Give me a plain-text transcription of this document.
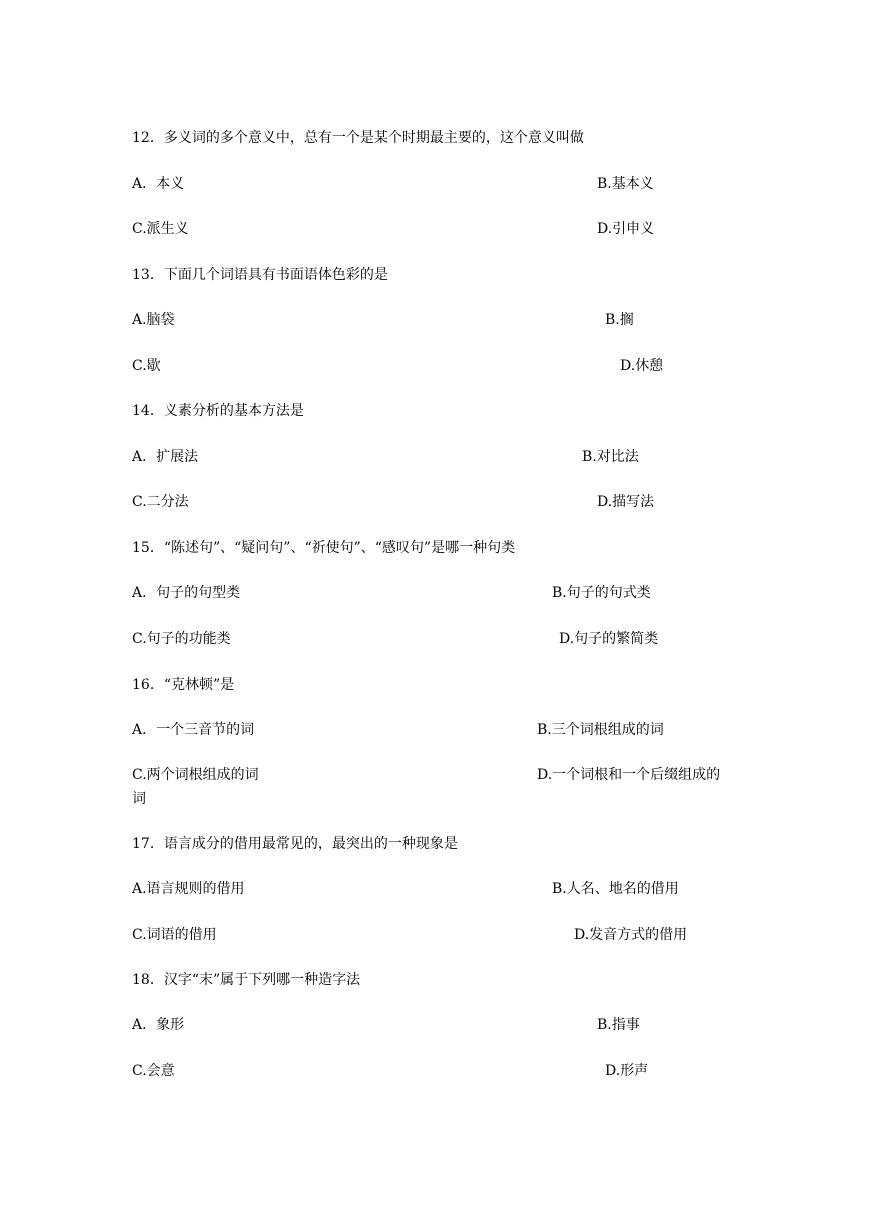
12．多义词的多个意义中，总有一个是某个时期最主要的，这个意义叫做
A．本义	B.基本义
C.派生义	D.引申义
13．下面几个词语具有书面语体色彩的是
A.脑袋	B.搁
C.歇	D.休憩
14．义素分析的基本方法是
A．扩展法	B.对比法
C.二分法	D.描写法
15．“陈述句”、“疑问句”、“祈使句”、“感叹句”是哪一种句类
A．句子的句型类	B.句子的句式类
C.句子的功能类	D.句子的繁简类
16．“克林顿”是
A．一个三音节的词	B.三个词根组成的词
C.两个词根组成的词	D.一个词根和一个后缀组成的
词
17．语言成分的借用最常见的，最突出的一种现象是
A.语言规则的借用	B.人名、地名的借用
C.词语的借用	D.发音方式的借用
18．汉字“末”属于下列哪一种造字法
A．象形	B.指事
C.会意	D.形声
